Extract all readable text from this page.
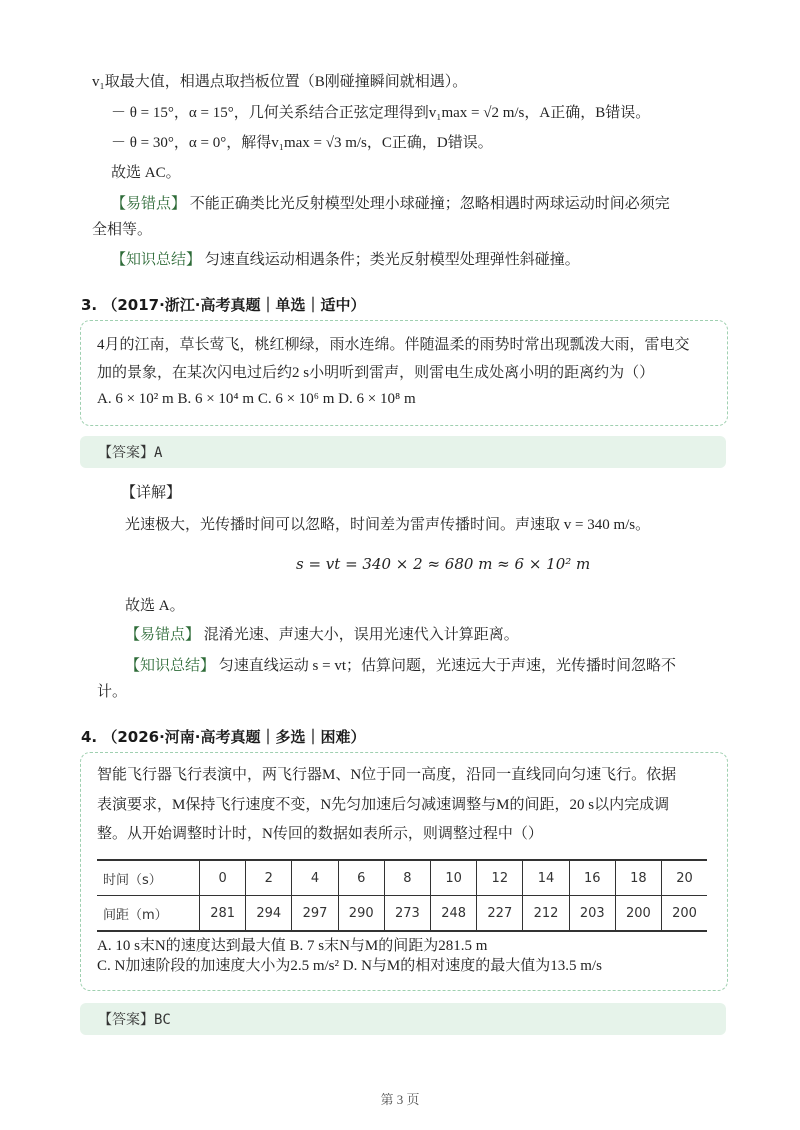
v₁取最大值，相遇点取挡板位置（B刚碰撞瞬间就相遇）。
－ θ = 15°，α = 15°，几何关系结合正弦定理得到v₁max = √2 m/s，A正确，B错误。
－ θ = 30°，α = 0°，解得v₁max = √3 m/s，C正确，D错误。
故选 AC。
【易错点】 不能正确类比光反射模型处理小球碰撞；忽略相遇时两球运动时间必须完
全相等。
【知识总结】 匀速直线运动相遇条件；类光反射模型处理弹性斜碰撞。
3. （2017·浙江·高考真题｜单选｜适中）
4月的江南，草长莺飞，桃红柳绿，雨水连绵。伴随温柔的雨势时常出现瓢泼大雨，雷电交
加的景象，在某次闪电过后约2 s小明听到雷声，则雷电生成处离小明的距离约为（）
A. 6 × 10² m B. 6 × 10⁴ m C. 6 × 10⁶ m D. 6 × 10⁸ m
【答案】A
【详解】
光速极大，光传播时间可以忽略，时间差为雷声传播时间。声速取 v = 340 m/s。
s = vt = 340 × 2 ≈ 680 m ≈ 6 × 10² m
故选 A。
【易错点】 混淆光速、声速大小，误用光速代入计算距离。
【知识总结】 匀速直线运动 s = vt；估算问题，光速远大于声速，光传播时间忽略不
计。
4. （2026·河南·高考真题｜多选｜困难）
智能飞行器飞行表演中，两飞行器M、N位于同一高度，沿同一直线同向匀速飞行。依据
表演要求，M保持飞行速度不变，N先匀加速后匀减速调整与M的间距，20 s以内完成调
整。从开始调整时计时，N传回的数据如表所示，则调整过程中（）
时间（s）	0	2	4	6	8	10	12	14	16	18	20
间距（m）	281	294	297	290	273	248	227	212	203	200	200
A. 10 s末N的速度达到最大值 B. 7 s末N与M的间距为281.5 m
C. N加速阶段的加速度大小为2.5 m/s² D. N与M的相对速度的最大值为13.5 m/s
【答案】BC
第 3 页
